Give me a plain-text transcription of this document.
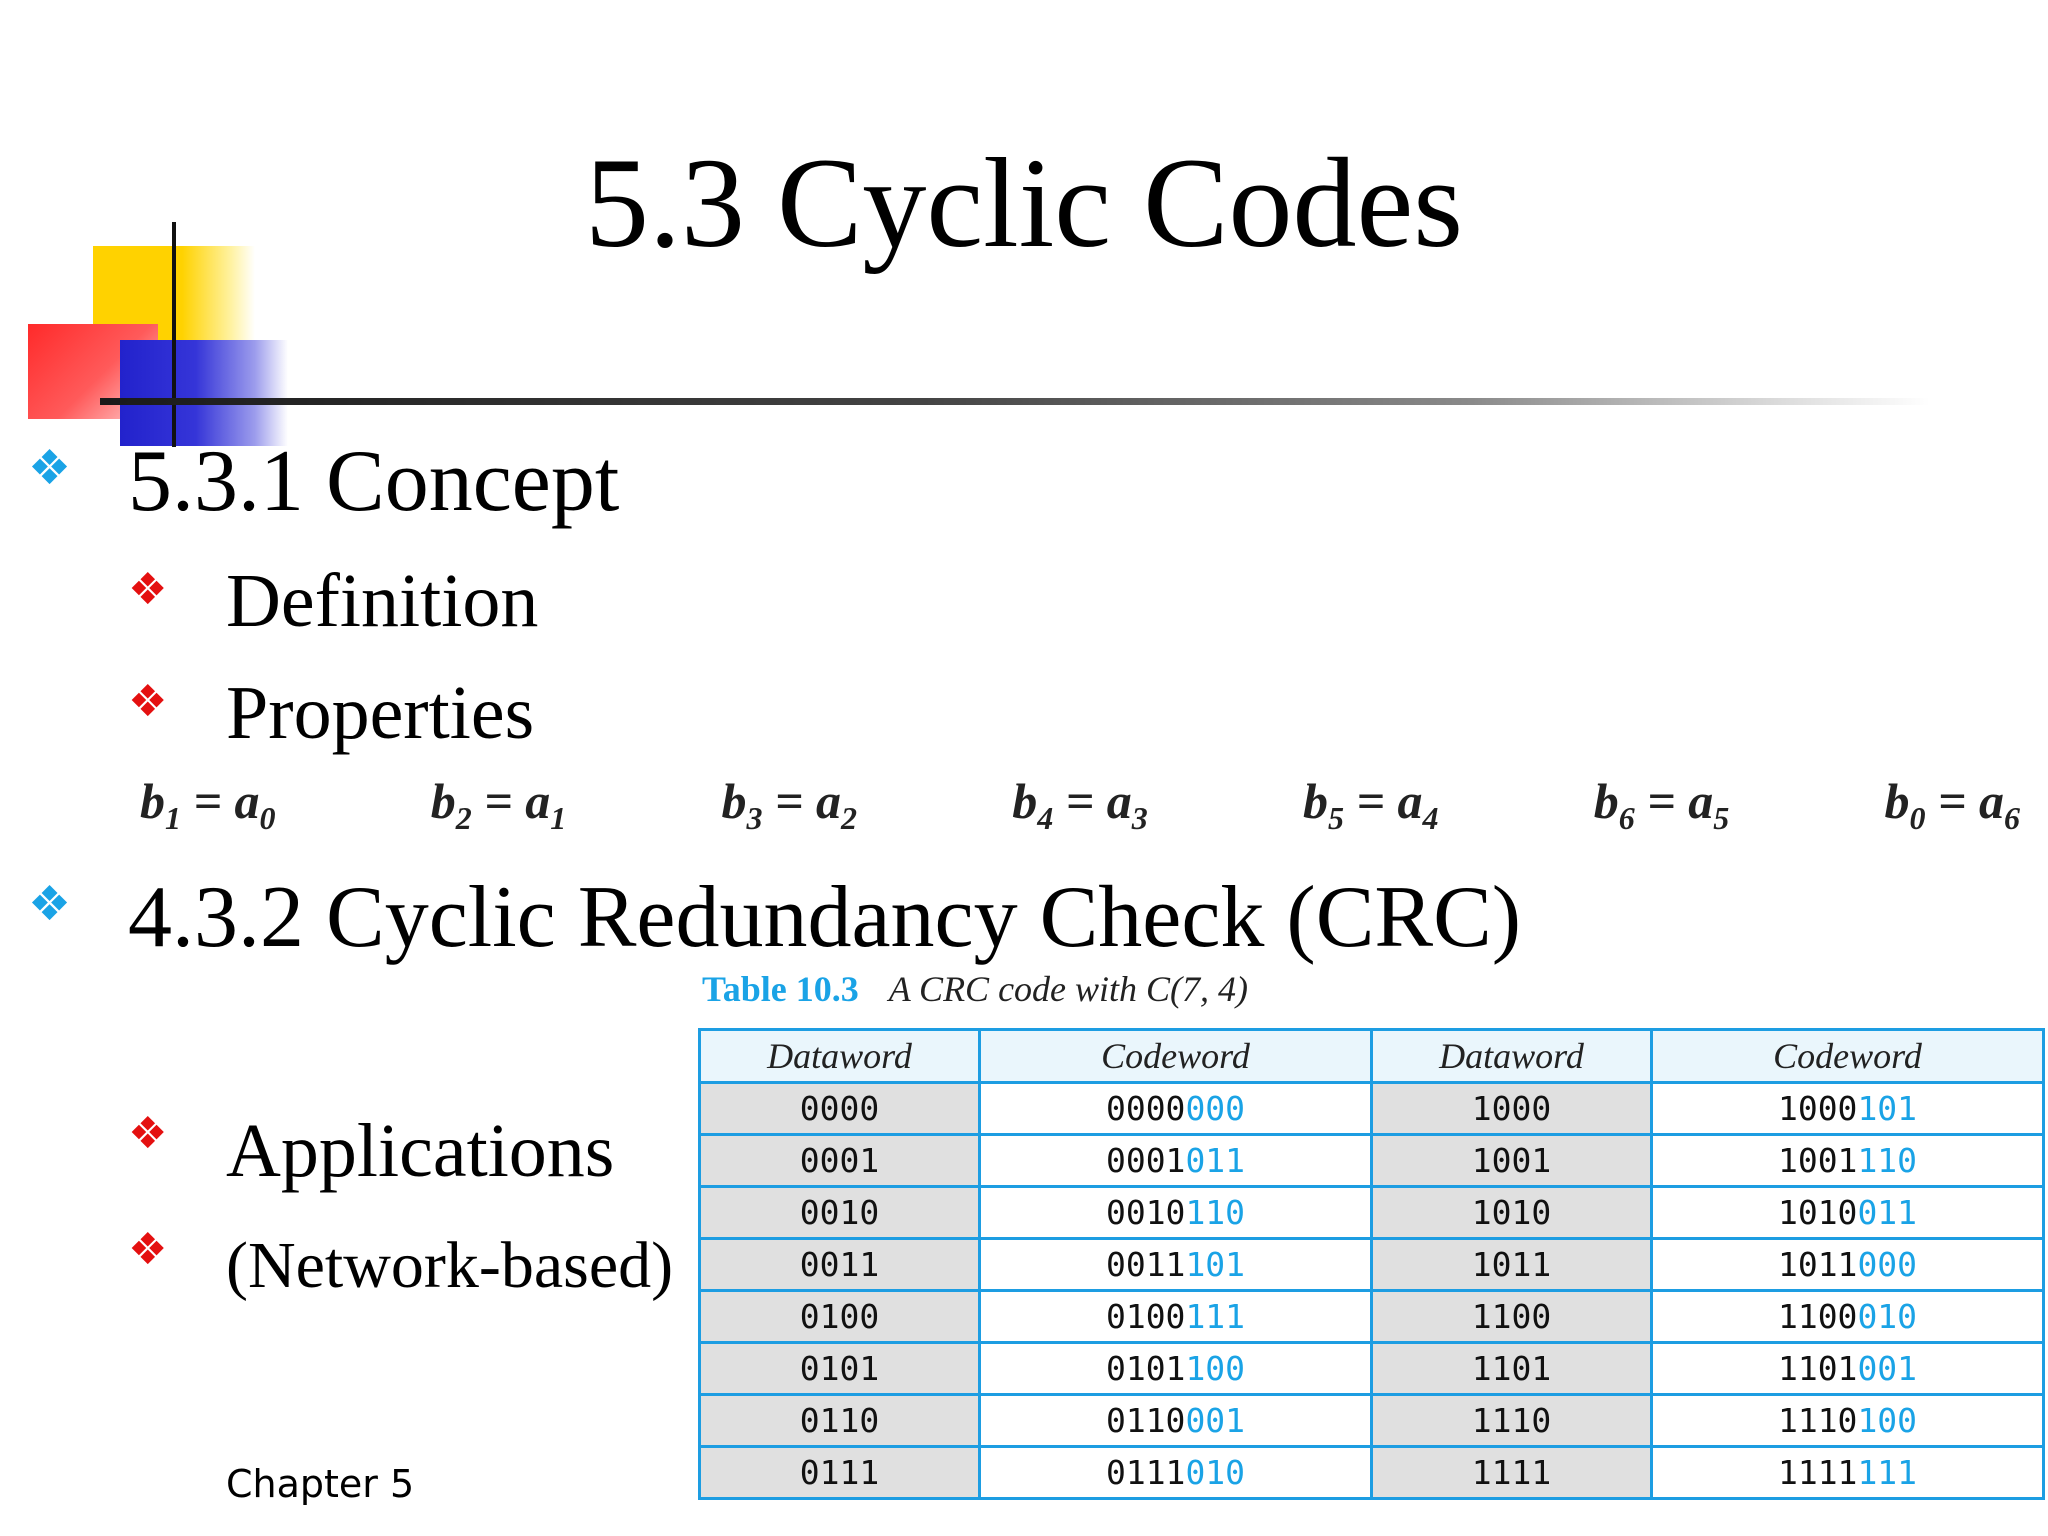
5.3 Cyclic Codes
❖ 5.3.1 Concept
❖ Definition
❖ Properties
$b_1 = a_0$	$b_2 = a_1$	$b_3 = a_2$	$b_4 = a_3$	$b_5 = a_4$	$b_6 = a_5$	$b_0 = a_6$
❖ 4.3.2 Cyclic Redundancy Check (CRC)
❖ Applications
❖ (Network-based)
Table 10.3 A CRC code with C(7, 4)
Dataword	Codeword	Dataword	Codeword
0000	0000000	1000	1000101
0001	0001011	1001	1001110
0010	0010110	1010	1010011
0011	0011101	1011	1011000
0100	0100111	1100	1100010
0101	0101100	1101	1101001
0110	0110001	1110	1110100
0111	0111010	1111	1111111
Chapter 5
